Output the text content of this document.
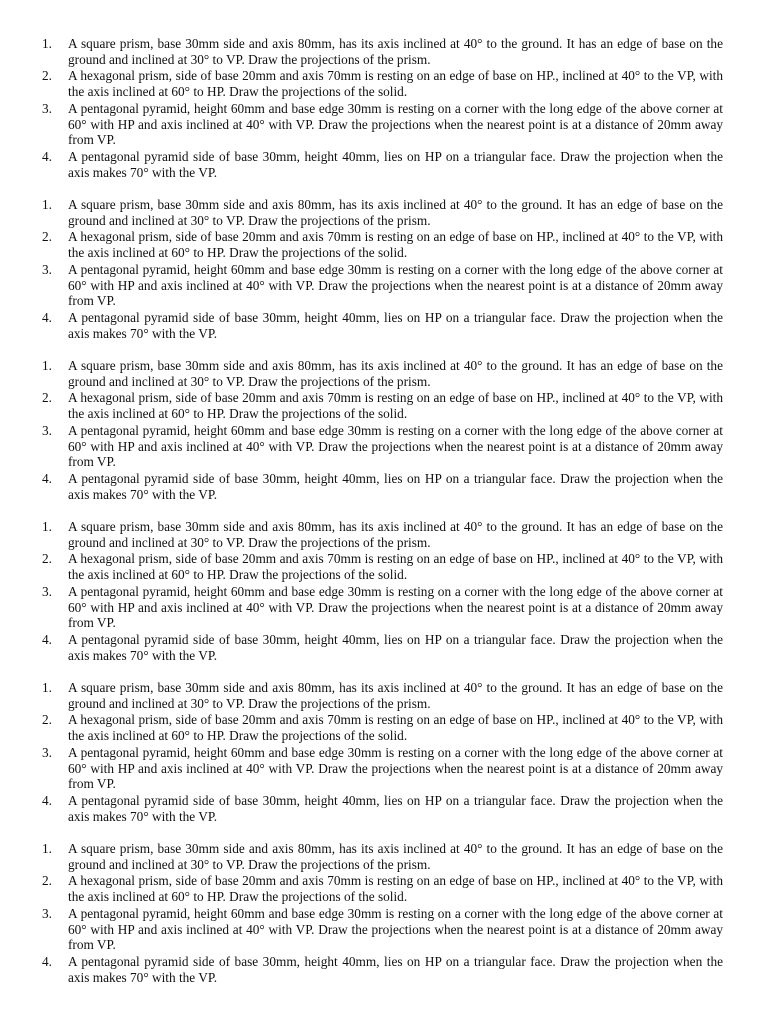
1.	A square prism, base 30mm side and axis 80mm, has its axis inclined at 40° to the ground. It has an edge of base on the ground and inclined at 30° to VP. Draw the projections of the prism.
2.	A hexagonal prism, side of base 20mm and axis 70mm is resting on an edge of base on HP., inclined at 40° to the VP, with the axis inclined at 60° to HP. Draw the projections of the solid.
3.	A pentagonal pyramid, height 60mm and base edge 30mm is resting on a corner with the long edge of the above corner at 60° with HP and axis inclined at 40° with VP. Draw the projections when the nearest point is at a distance of 20mm away from VP.
4.	A pentagonal pyramid side of base 30mm, height 40mm, lies on HP on a triangular face. Draw the projection when the axis makes 70° with the VP.
1.	A square prism, base 30mm side and axis 80mm, has its axis inclined at 40° to the ground. It has an edge of base on the ground and inclined at 30° to VP. Draw the projections of the prism.
2.	A hexagonal prism, side of base 20mm and axis 70mm is resting on an edge of base on HP., inclined at 40° to the VP, with the axis inclined at 60° to HP. Draw the projections of the solid.
3.	A pentagonal pyramid, height 60mm and base edge 30mm is resting on a corner with the long edge of the above corner at 60° with HP and axis inclined at 40° with VP. Draw the projections when the nearest point is at a distance of 20mm away from VP.
4.	A pentagonal pyramid side of base 30mm, height 40mm, lies on HP on a triangular face. Draw the projection when the axis makes 70° with the VP.
1.	A square prism, base 30mm side and axis 80mm, has its axis inclined at 40° to the ground. It has an edge of base on the ground and inclined at 30° to VP. Draw the projections of the prism.
2.	A hexagonal prism, side of base 20mm and axis 70mm is resting on an edge of base on HP., inclined at 40° to the VP, with the axis inclined at 60° to HP. Draw the projections of the solid.
3.	A pentagonal pyramid, height 60mm and base edge 30mm is resting on a corner with the long edge of the above corner at 60° with HP and axis inclined at 40° with VP. Draw the projections when the nearest point is at a distance of 20mm away from VP.
4.	A pentagonal pyramid side of base 30mm, height 40mm, lies on HP on a triangular face. Draw the projection when the axis makes 70° with the VP.
1.	A square prism, base 30mm side and axis 80mm, has its axis inclined at 40° to the ground. It has an edge of base on the ground and inclined at 30° to VP. Draw the projections of the prism.
2.	A hexagonal prism, side of base 20mm and axis 70mm is resting on an edge of base on HP., inclined at 40° to the VP, with the axis inclined at 60° to HP. Draw the projections of the solid.
3.	A pentagonal pyramid, height 60mm and base edge 30mm is resting on a corner with the long edge of the above corner at 60° with HP and axis inclined at 40° with VP. Draw the projections when the nearest point is at a distance of 20mm away from VP.
4.	A pentagonal pyramid side of base 30mm, height 40mm, lies on HP on a triangular face. Draw the projection when the axis makes 70° with the VP.
1.	A square prism, base 30mm side and axis 80mm, has its axis inclined at 40° to the ground. It has an edge of base on the ground and inclined at 30° to VP. Draw the projections of the prism.
2.	A hexagonal prism, side of base 20mm and axis 70mm is resting on an edge of base on HP., inclined at 40° to the VP, with the axis inclined at 60° to HP. Draw the projections of the solid.
3.	A pentagonal pyramid, height 60mm and base edge 30mm is resting on a corner with the long edge of the above corner at 60° with HP and axis inclined at 40° with VP. Draw the projections when the nearest point is at a distance of 20mm away from VP.
4.	A pentagonal pyramid side of base 30mm, height 40mm, lies on HP on a triangular face. Draw the projection when the axis makes 70° with the VP.
1.	A square prism, base 30mm side and axis 80mm, has its axis inclined at 40° to the ground. It has an edge of base on the ground and inclined at 30° to VP. Draw the projections of the prism.
2.	A hexagonal prism, side of base 20mm and axis 70mm is resting on an edge of base on HP., inclined at 40° to the VP, with the axis inclined at 60° to HP. Draw the projections of the solid.
3.	A pentagonal pyramid, height 60mm and base edge 30mm is resting on a corner with the long edge of the above corner at 60° with HP and axis inclined at 40° with VP. Draw the projections when the nearest point is at a distance of 20mm away from VP.
4.	A pentagonal pyramid side of base 30mm, height 40mm, lies on HP on a triangular face. Draw the projection when the axis makes 70° with the VP.
